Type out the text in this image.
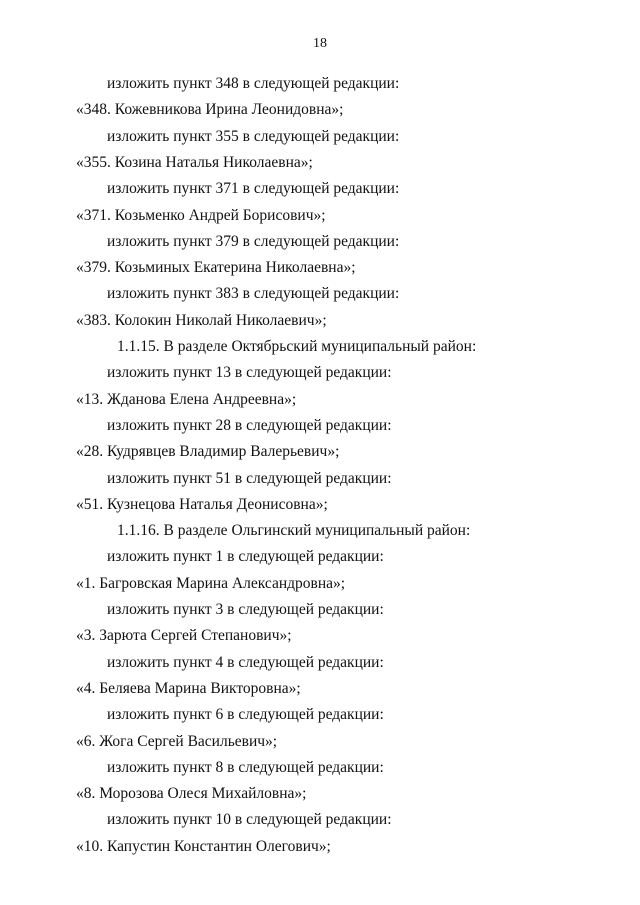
18
изложить пункт 348 в следующей редакции:
«348. Кожевникова Ирина Леонидовна»;
изложить пункт 355 в следующей редакции:
«355. Козина Наталья Николаевна»;
изложить пункт 371 в следующей редакции:
«371. Козьменко Андрей Борисович»;
изложить пункт 379 в следующей редакции:
«379. Козьминых Екатерина Николаевна»;
изложить пункт 383 в следующей редакции:
«383. Колокин Николай Николаевич»;
1.1.15. В разделе Октябрьский муниципальный район:
изложить пункт 13 в следующей редакции:
«13. Жданова Елена Андреевна»;
изложить пункт 28 в следующей редакции:
«28. Кудрявцев Владимир Валерьевич»;
изложить пункт 51 в следующей редакции:
«51. Кузнецова Наталья Деонисовна»;
1.1.16. В разделе Ольгинский муниципальный район:
изложить пункт 1 в следующей редакции:
«1. Багровская Марина Александровна»;
изложить пункт 3 в следующей редакции:
«3. Зарюта Сергей Степанович»;
изложить пункт 4 в следующей редакции:
«4. Беляева Марина Викторовна»;
изложить пункт 6 в следующей редакции:
«6. Жога Сергей Васильевич»;
изложить пункт 8 в следующей редакции:
«8. Морозова Олеся Михайловна»;
изложить пункт 10 в следующей редакции:
«10. Капустин Константин Олегович»;
